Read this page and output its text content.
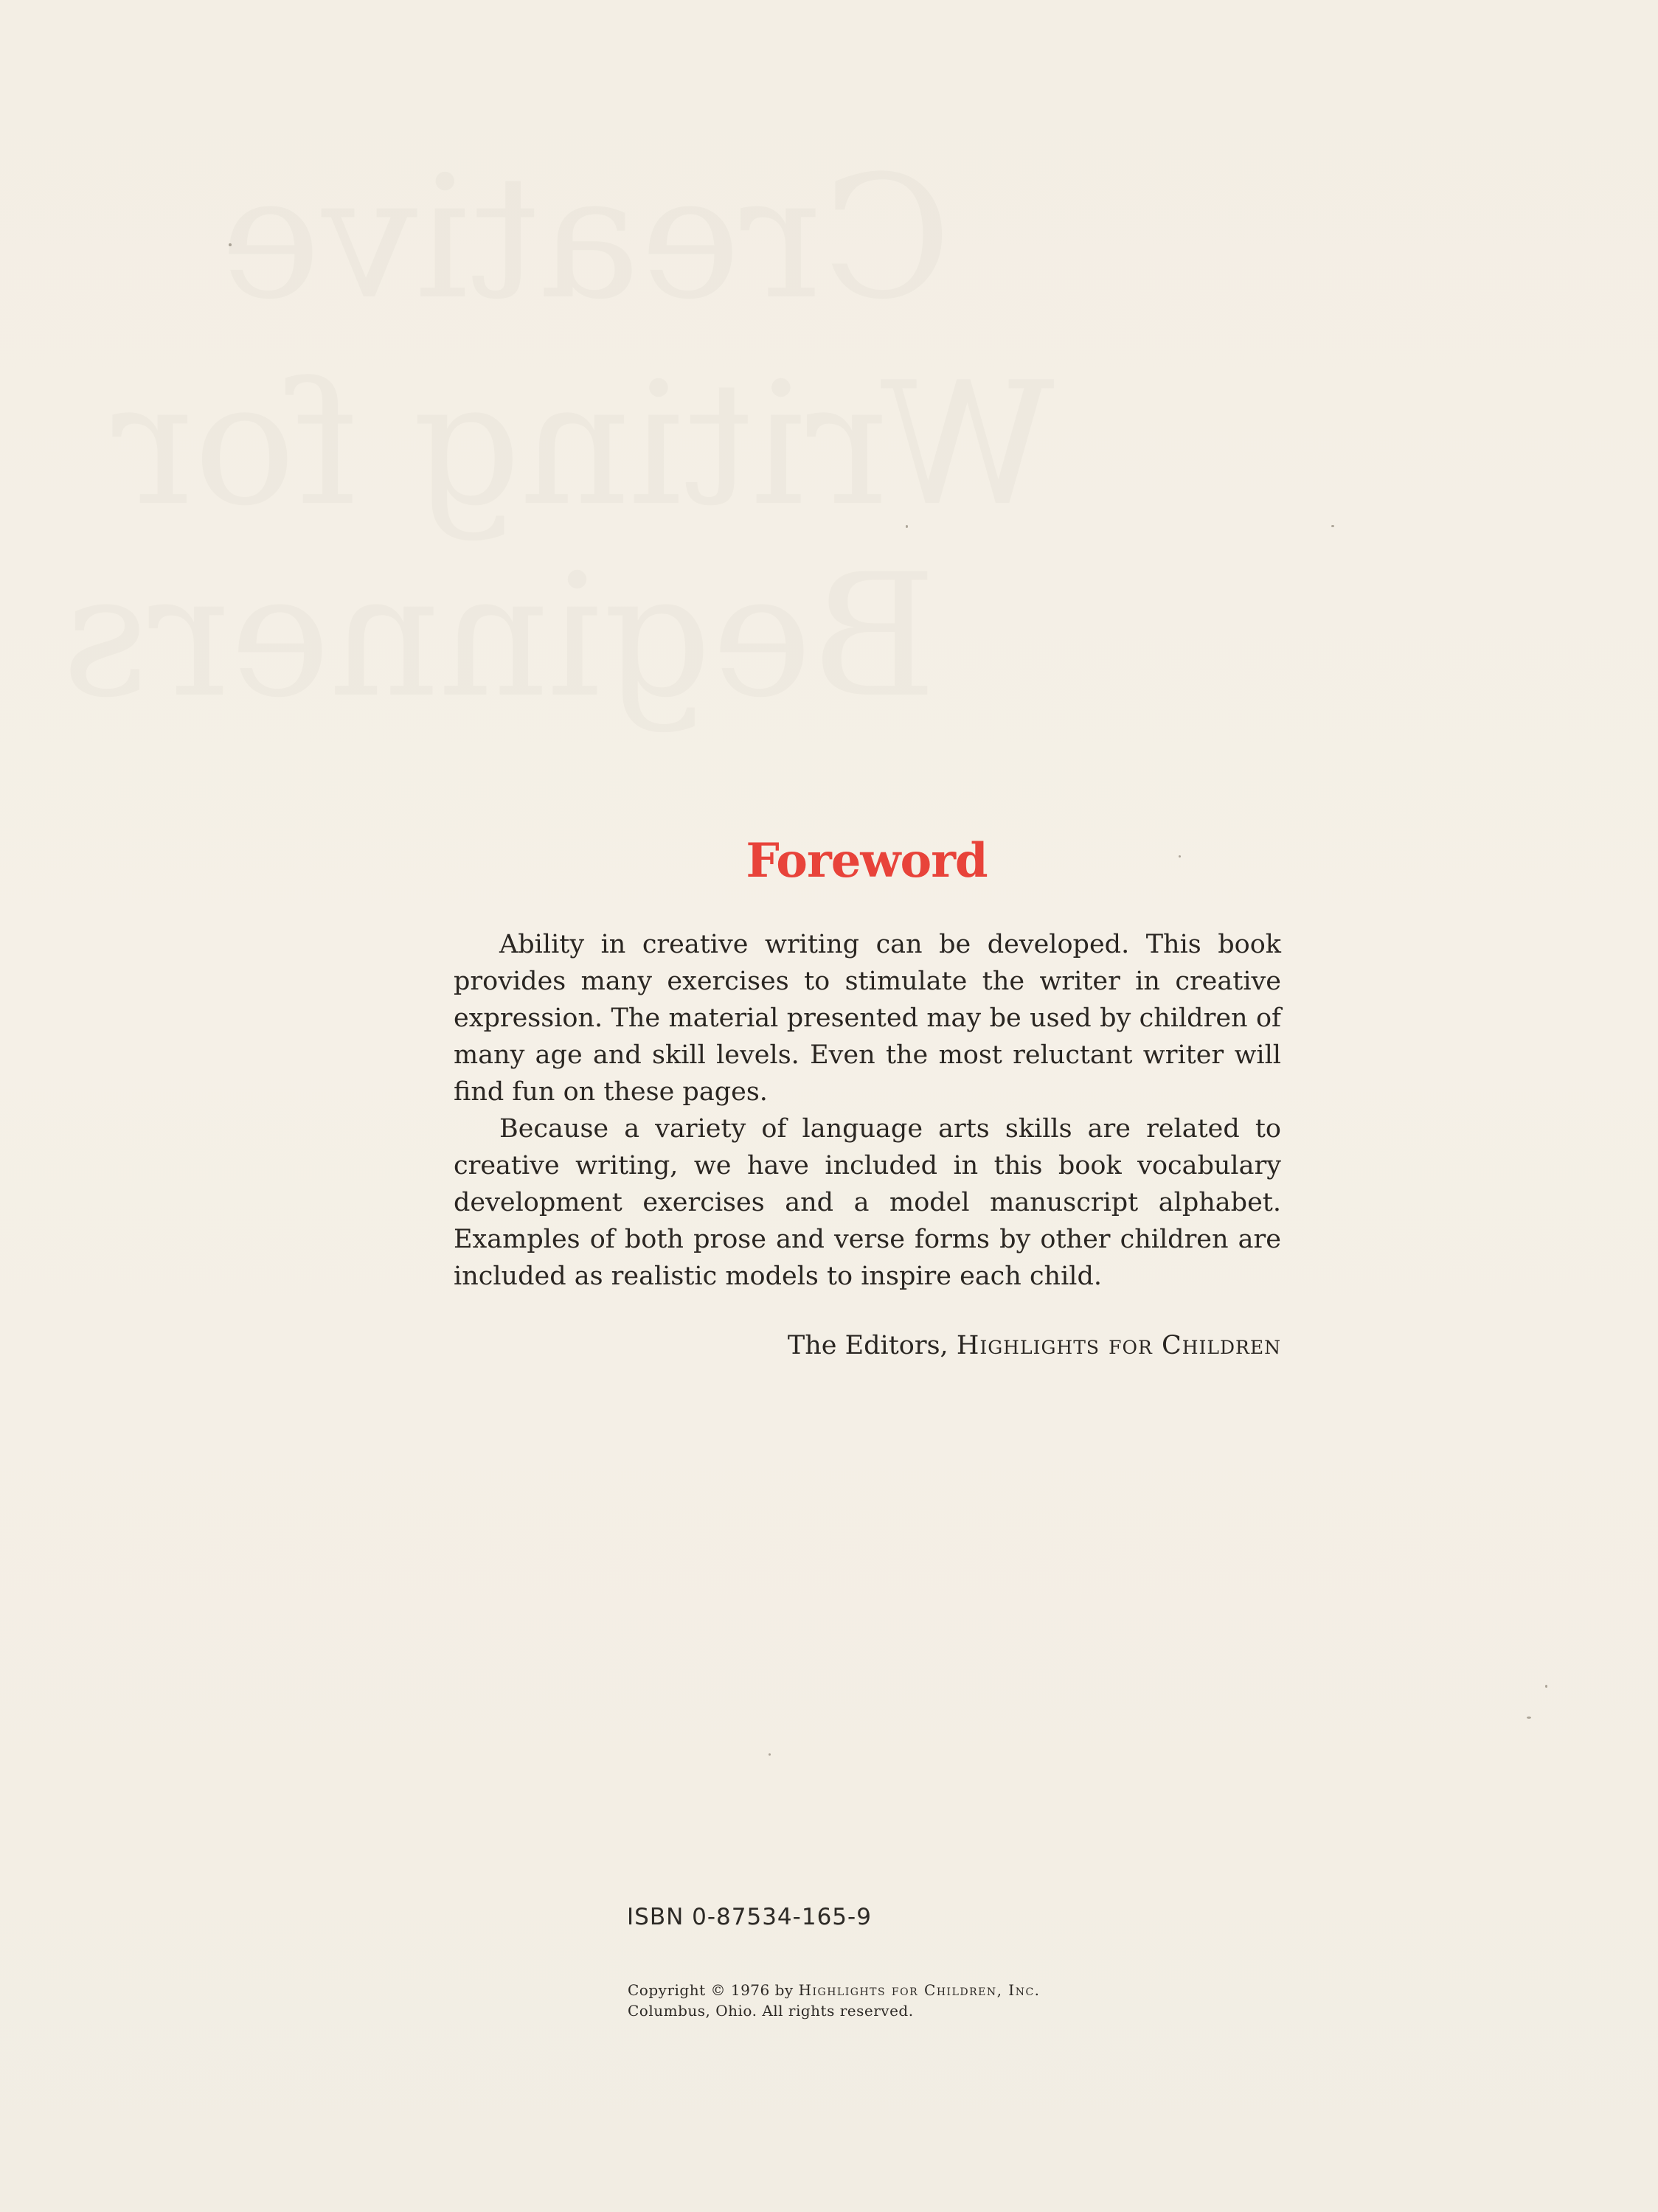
Foreword

Ability in creative writing can be developed. This book provides many exercises to stimulate the writer in creative expression. The material presented may be used by children of many age and skill levels. Even the most reluctant writer will find fun on these pages.

Because a variety of language arts skills are related to creative writing, we have included in this book vocabulary development exercises and a model manuscript alphabet. Examples of both prose and verse forms by other children are included as realistic models to inspire each child.

The Editors, Highlights for Children
ISBN 0-87534-165-9
Copyright © 1976 by Highlights for Children, Inc.
Columbus, Ohio. All rights reserved.
